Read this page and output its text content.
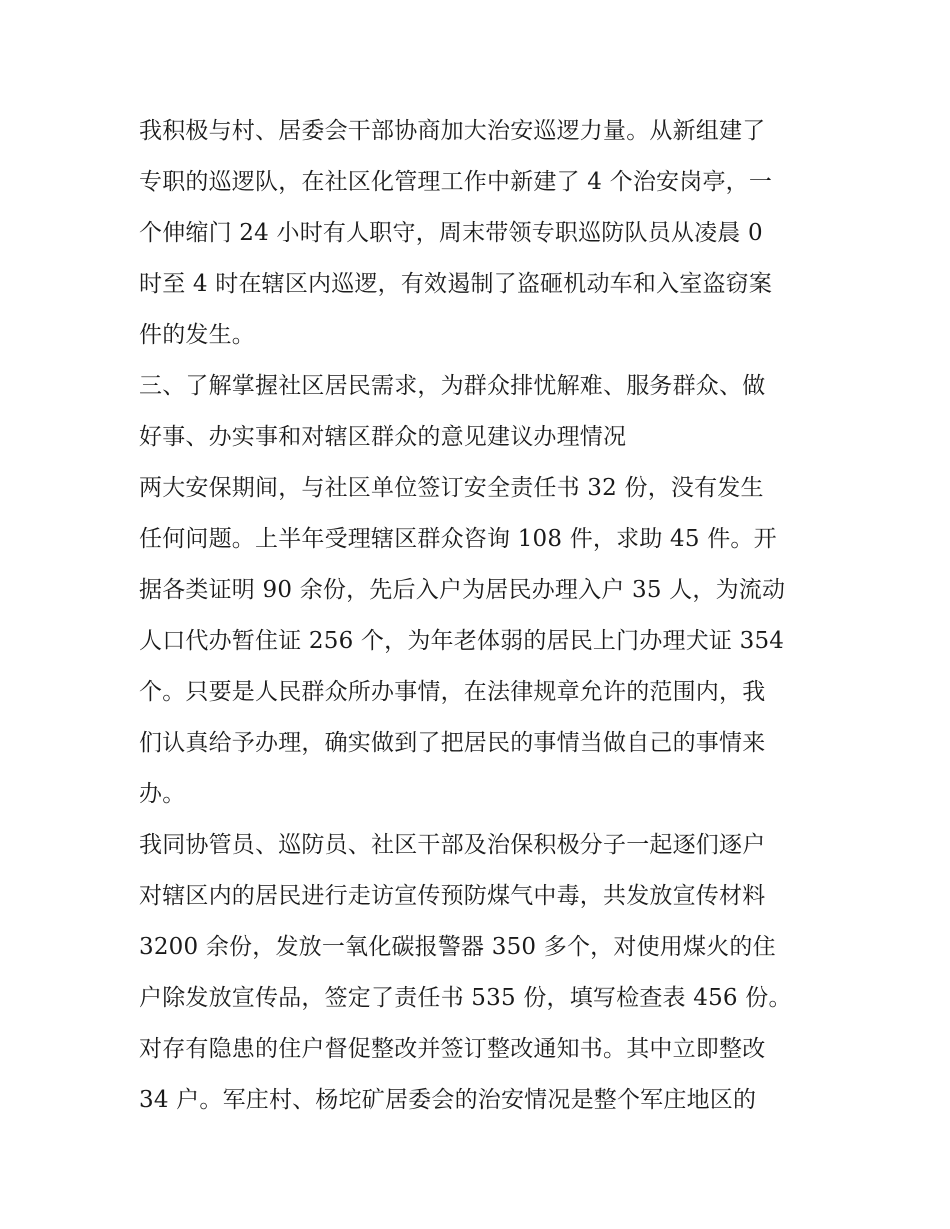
我积极与村、居委会干部协商加大治安巡逻力量。从新组建了
专职的巡逻队，在社区化管理工作中新建了 4 个治安岗亭，一
个伸缩门 24 小时有人职守，周末带领专职巡防队员从凌晨 0
时至 4 时在辖区内巡逻，有效遏制了盗砸机动车和入室盗窃案
件的发生。
三、了解掌握社区居民需求，为群众排忧解难、服务群众、做
好事、办实事和对辖区群众的意见建议办理情况
两大安保期间，与社区单位签订安全责任书 32 份，没有发生
任何问题。上半年受理辖区群众咨询 108 件，求助 45 件。开
据各类证明 90 余份，先后入户为居民办理入户 35 人，为流动
人口代办暂住证 256 个，为年老体弱的居民上门办理犬证 354
个。只要是人民群众所办事情，在法律规章允许的范围内，我
们认真给予办理，确实做到了把居民的事情当做自己的事情来
办。
我同协管员、巡防员、社区干部及治保积极分子一起逐们逐户
对辖区内的居民进行走访宣传预防煤气中毒，共发放宣传材料
3200 余份，发放一氧化碳报警器 350 多个，对使用煤火的住
户除发放宣传品，签定了责任书 535 份，填写检查表 456 份。
对存有隐患的住户督促整改并签订整改通知书。其中立即整改
34 户。军庄村、杨坨矿居委会的治安情况是整个军庄地区的
